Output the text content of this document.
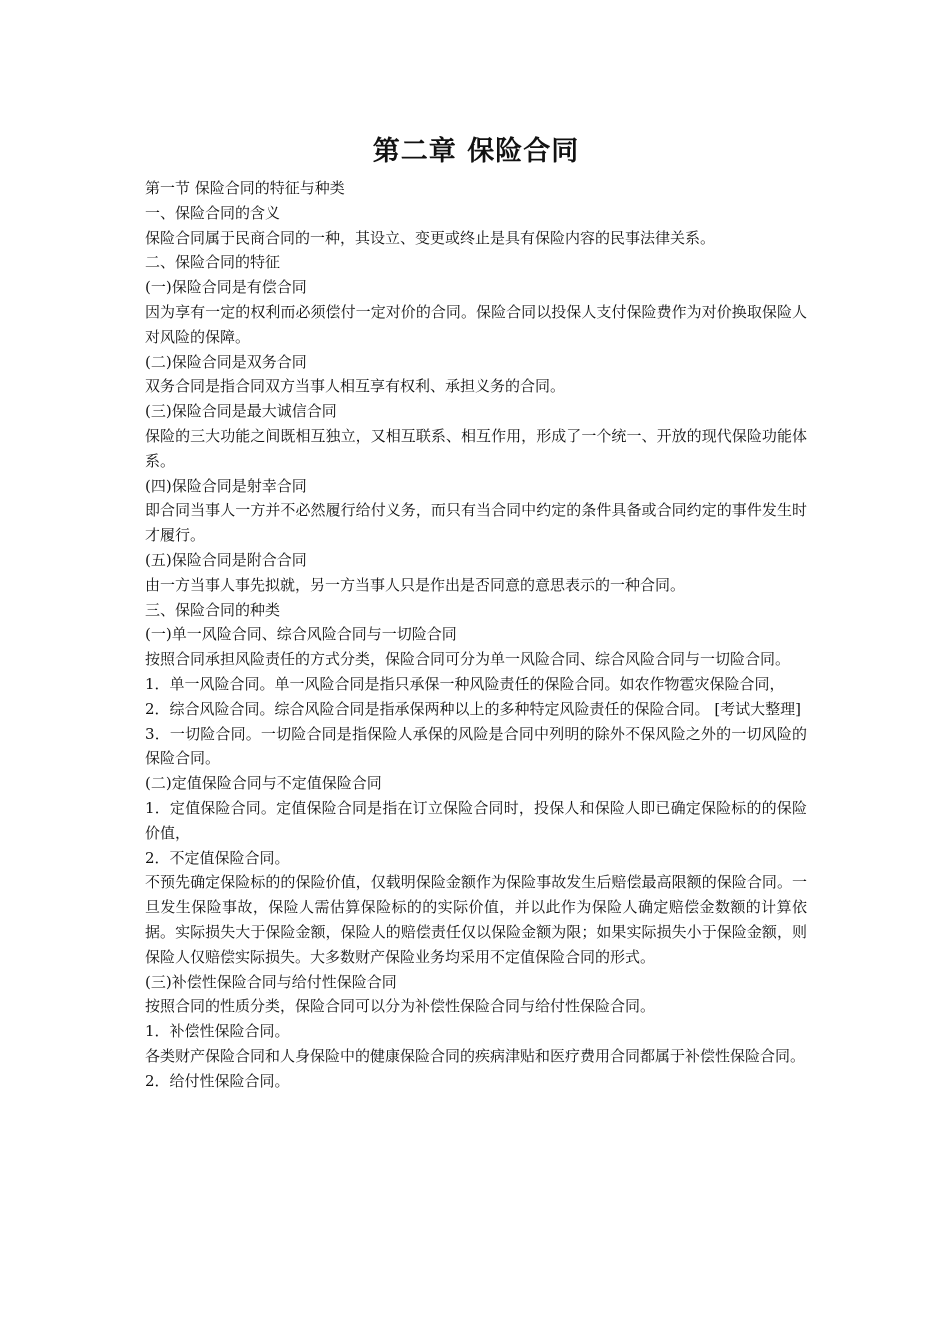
第二章 保险合同

第一节 保险合同的特征与种类

一、保险合同的含义

保险合同属于民商合同的一种，其设立、变更或终止是具有保险内容的民事法律关系。

二、保险合同的特征

(一)保险合同是有偿合同

因为享有一定的权利而必须偿付一定对价的合同。保险合同以投保人支付保险费作为对价换取保险人对风险的保障。

(二)保险合同是双务合同

双务合同是指合同双方当事人相互享有权利、承担义务的合同。

(三)保险合同是最大诚信合同

保险的三大功能之间既相互独立，又相互联系、相互作用，形成了一个统一、开放的现代保险功能体系。

(四)保险合同是射幸合同

即合同当事人一方并不必然履行给付义务，而只有当合同中约定的条件具备或合同约定的事件发生时才履行。

(五)保险合同是附合合同

由一方当事人事先拟就，另一方当事人只是作出是否同意的意思表示的一种合同。

三、保险合同的种类

(一)单一风险合同、综合风险合同与一切险合同

按照合同承担风险责任的方式分类，保险合同可分为单一风险合同、综合风险合同与一切险合同。

1．单一风险合同。单一风险合同是指只承保一种风险责任的保险合同。如农作物雹灾保险合同，

2．综合风险合同。综合风险合同是指承保两种以上的多种特定风险责任的保险合同。 [考试大整理]

3．一切险合同。一切险合同是指保险人承保的风险是合同中列明的除外不保风险之外的一切风险的保险合同。

(二)定值保险合同与不定值保险合同

1．定值保险合同。定值保险合同是指在订立保险合同时，投保人和保险人即已确定保险标的的保险价值，

2．不定值保险合同。

不预先确定保险标的的保险价值，仅载明保险金额作为保险事故发生后赔偿最高限额的保险合同。一旦发生保险事故，保险人需估算保险标的的实际价值，并以此作为保险人确定赔偿金数额的计算依据。实际损失大于保险金额，保险人的赔偿责任仅以保险金额为限；如果实际损失小于保险金额，则保险人仅赔偿实际损失。大多数财产保险业务均采用不定值保险合同的形式。

(三)补偿性保险合同与给付性保险合同

按照合同的性质分类，保险合同可以分为补偿性保险合同与给付性保险合同。

1．补偿性保险合同。

各类财产保险合同和人身保险中的健康保险合同的疾病津贴和医疗费用合同都属于补偿性保险合同。

2．给付性保险合同。
